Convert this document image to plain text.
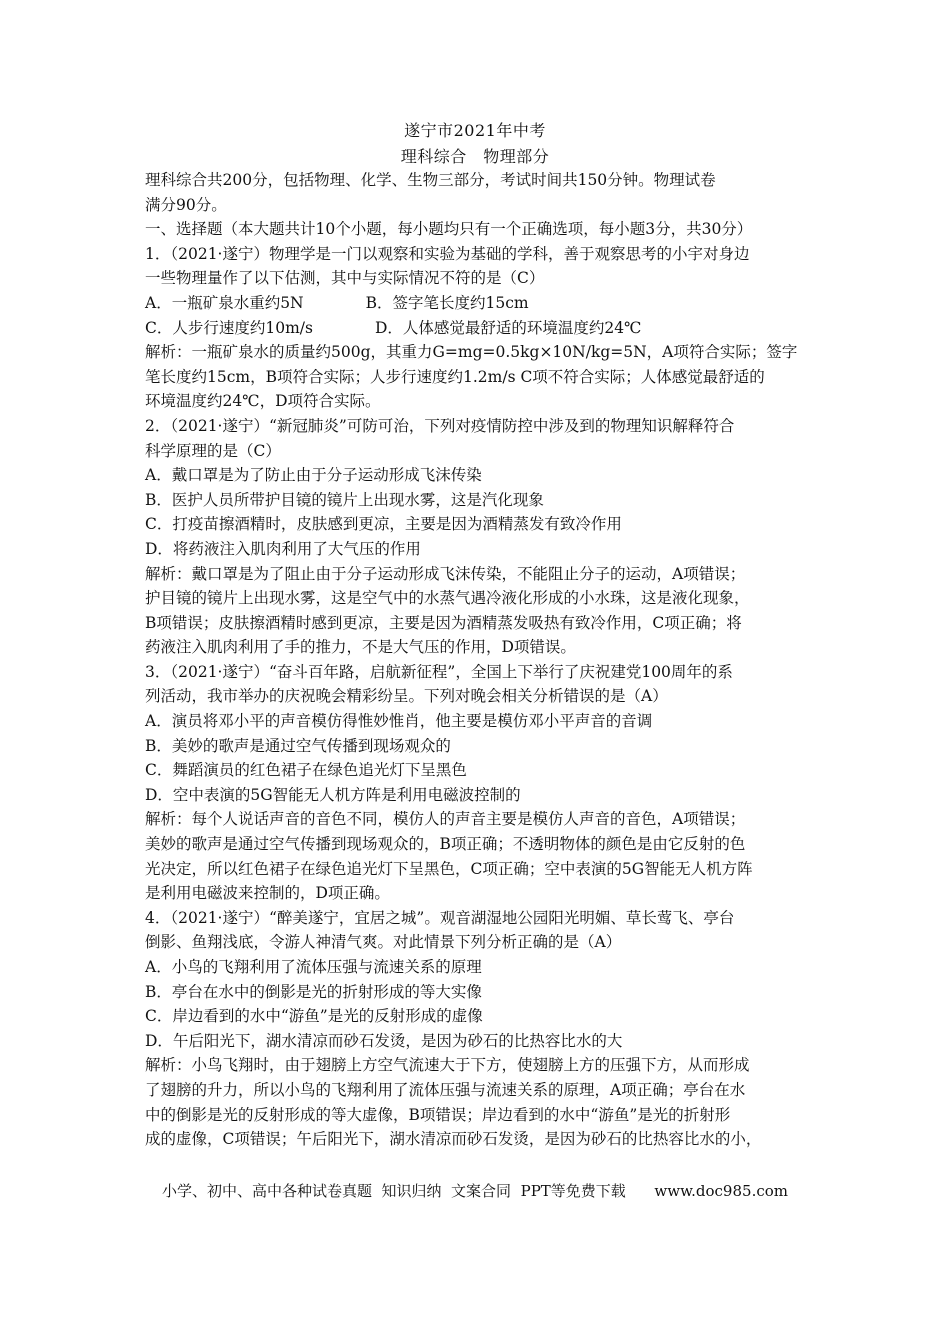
遂宁市2021年中考
理科综合　物理部分
理科综合共200分，包括物理、化学、生物三部分，考试时间共150分钟。物理试卷
满分90分。
一、选择题（本大题共计10个小题，每小题均只有一个正确选项，每小题3分，共30分）
1．（2021·遂宁）物理学是一门以观察和实验为基础的学科，善于观察思考的小宇对身边
一些物理量作了以下估测，其中与实际情况不符的是（C）
A．一瓶矿泉水重约5N　　　　B．签字笔长度约15cm
C．人步行速度约10m/s　　　　D．人体感觉最舒适的环境温度约24℃
解析：一瓶矿泉水的质量约500g，其重力G=mg=0.5kg×10N/kg=5N，A项符合实际；签字
笔长度约15cm，B项符合实际；人步行速度约1.2m/s C项不符合实际；人体感觉最舒适的
环境温度约24℃，D项符合实际。
2．（2021·遂宁）“新冠肺炎”可防可治，下列对疫情防控中涉及到的物理知识解释符合
科学原理的是（C）
A．戴口罩是为了防止由于分子运动形成飞沫传染
B．医护人员所带护目镜的镜片上出现水雾，这是汽化现象
C．打疫苗擦酒精时，皮肤感到更凉，主要是因为酒精蒸发有致冷作用
D．将药液注入肌肉利用了大气压的作用
解析：戴口罩是为了阻止由于分子运动形成飞沫传染，不能阻止分子的运动，A项错误；
护目镜的镜片上出现水雾，这是空气中的水蒸气遇冷液化形成的小水珠，这是液化现象，
B项错误；皮肤擦酒精时感到更凉，主要是因为酒精蒸发吸热有致冷作用，C项正确；将
药液注入肌肉利用了手的推力，不是大气压的作用，D项错误。
3．（2021·遂宁）“奋斗百年路，启航新征程”，全国上下举行了庆祝建党100周年的系
列活动，我市举办的庆祝晚会精彩纷呈。下列对晚会相关分析错误的是（A）
A．演员将邓小平的声音模仿得惟妙惟肖，他主要是模仿邓小平声音的音调
B．美妙的歌声是通过空气传播到现场观众的
C．舞蹈演员的红色裙子在绿色追光灯下呈黑色
D．空中表演的5G智能无人机方阵是利用电磁波控制的
解析：每个人说话声音的音色不同，模仿人的声音主要是模仿人声音的音色，A项错误；
美妙的歌声是通过空气传播到现场观众的，B项正确；不透明物体的颜色是由它反射的色
光决定，所以红色裙子在绿色追光灯下呈黑色，C项正确；空中表演的5G智能无人机方阵
是利用电磁波来控制的，D项正确。
4．（2021·遂宁）“醉美遂宁，宜居之城”。观音湖湿地公园阳光明媚、草长莺飞、亭台
倒影、鱼翔浅底，令游人神清气爽。对此情景下列分析正确的是（A）
A．小鸟的飞翔利用了流体压强与流速关系的原理
B．亭台在水中的倒影是光的折射形成的等大实像
C．岸边看到的水中“游鱼”是光的反射形成的虚像
D．午后阳光下，湖水清凉而砂石发烫，是因为砂石的比热容比水的大
解析：小鸟飞翔时，由于翅膀上方空气流速大于下方，使翅膀上方的压强下方，从而形成
了翅膀的升力，所以小鸟的飞翔利用了流体压强与流速关系的原理，A项正确；亭台在水
中的倒影是光的反射形成的等大虚像，B项错误；岸边看到的水中“游鱼”是光的折射形
成的虚像，C项错误；午后阳光下，湖水清凉而砂石发烫，是因为砂石的比热容比水的小，
小学、初中、高中各种试卷真题  知识归纳  文案合同  PPT等免费下载      www.doc985.com
